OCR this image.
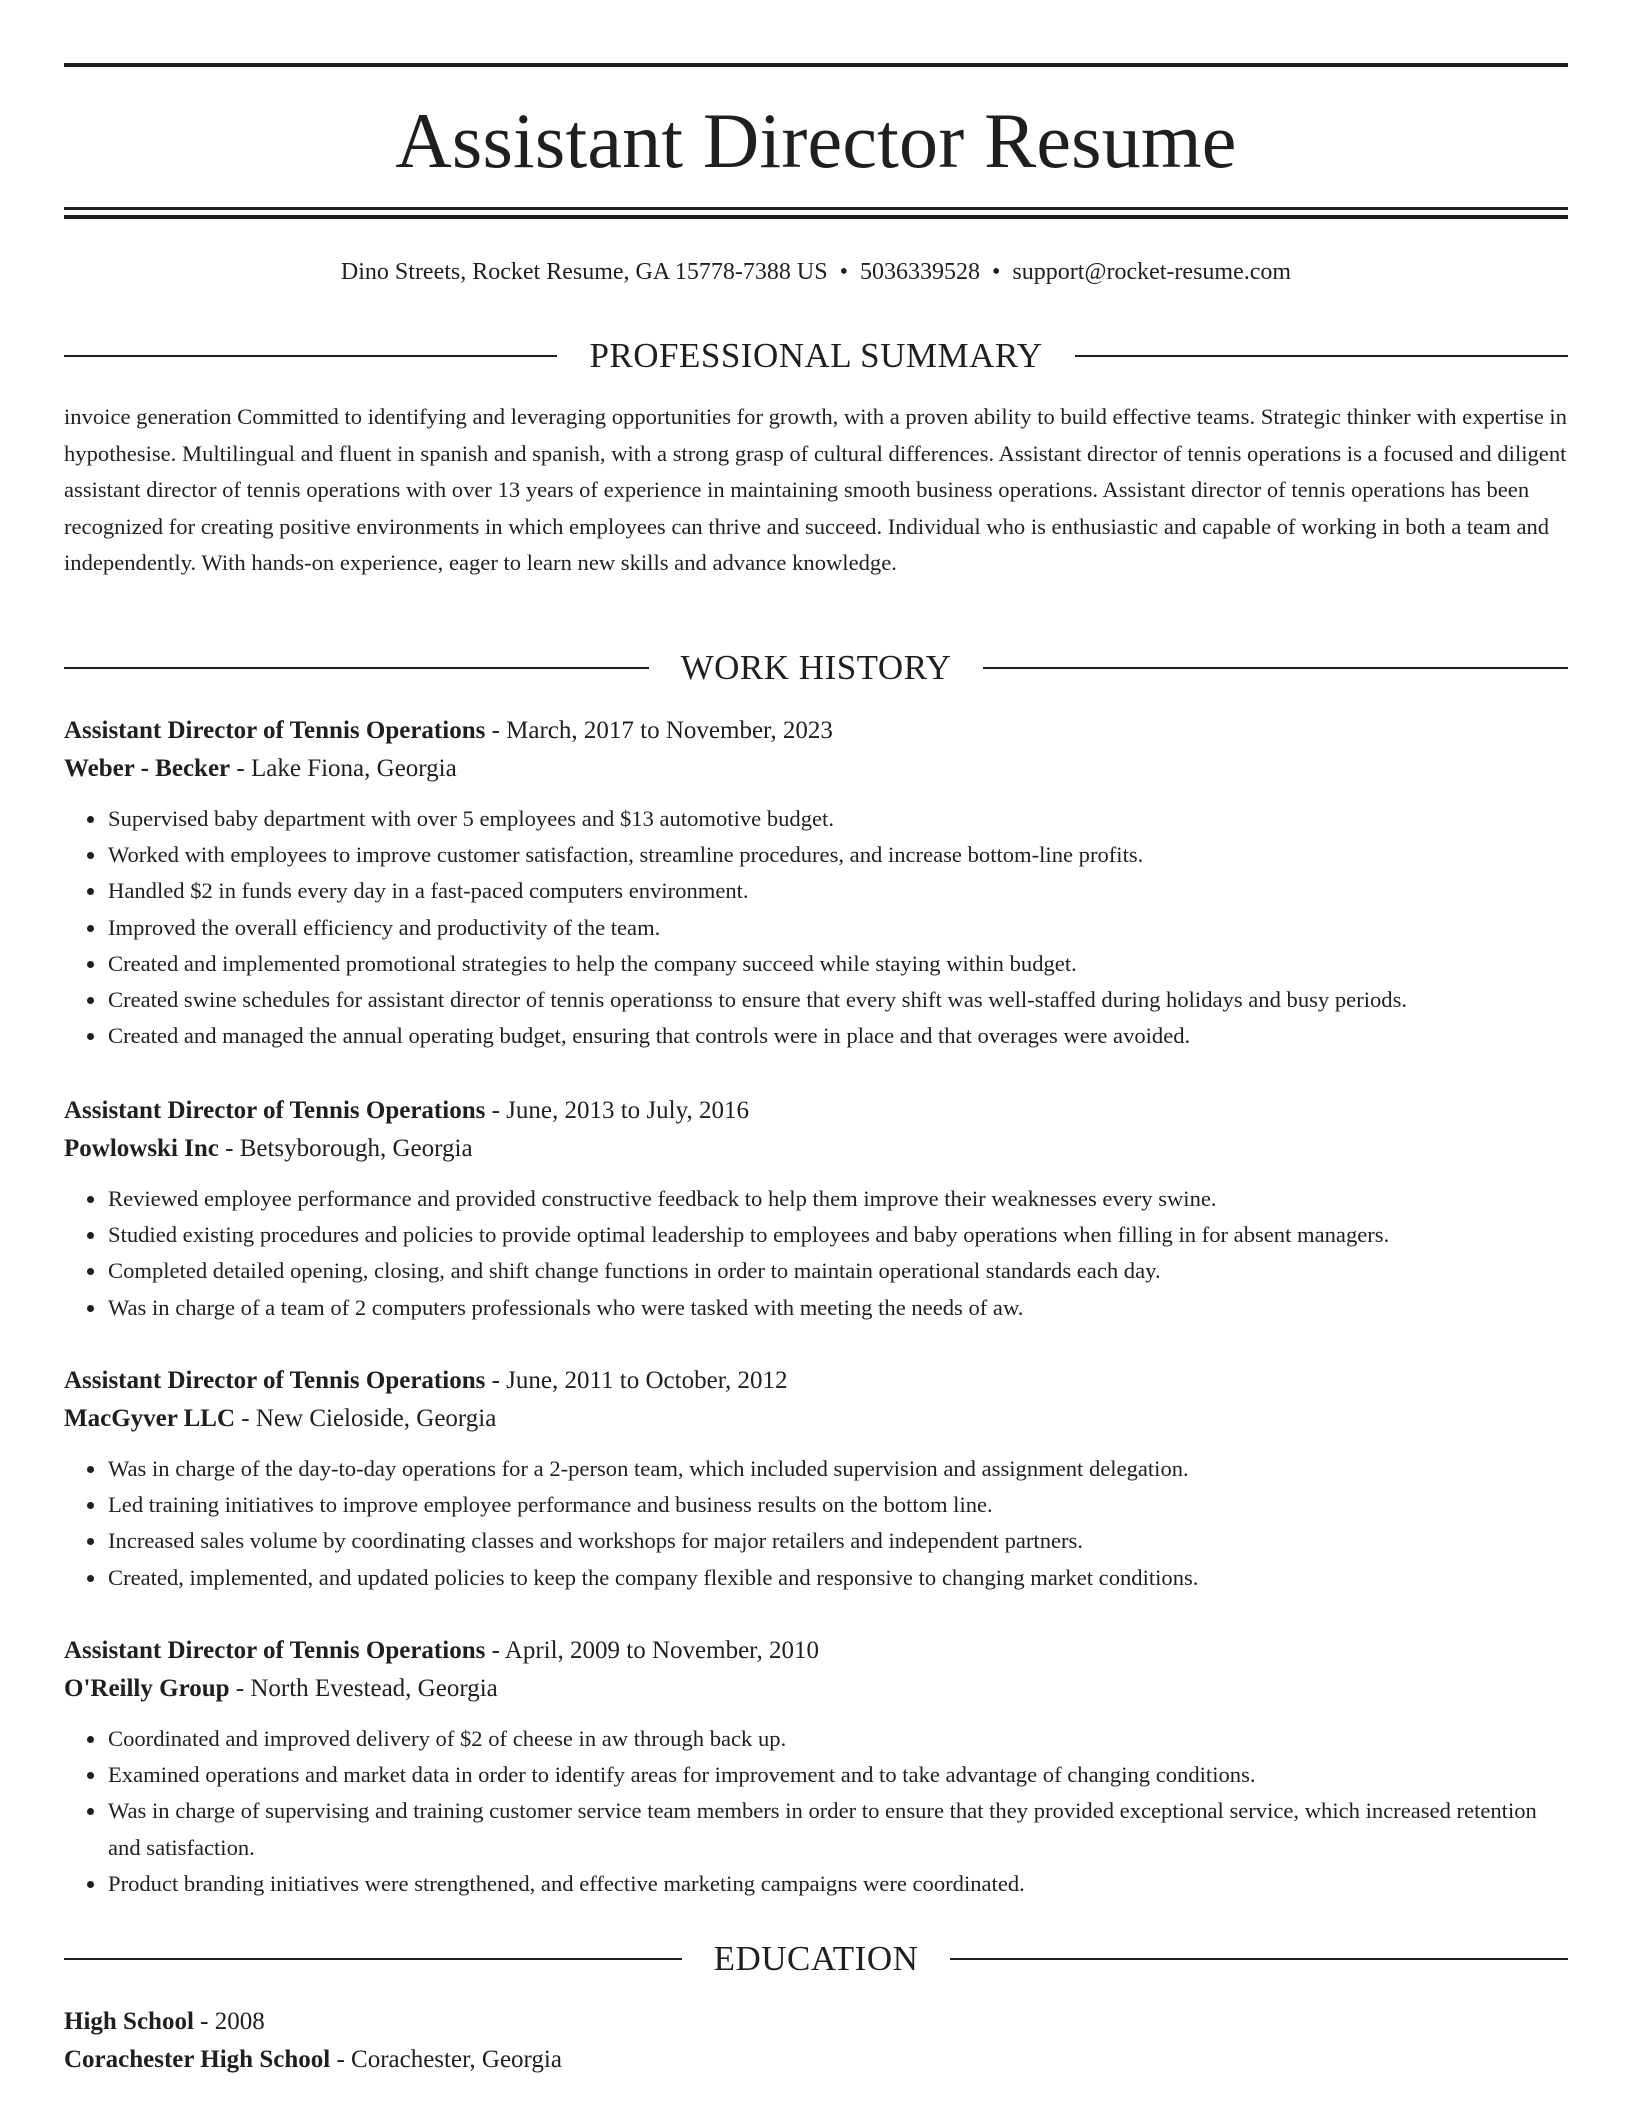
Assistant Director Resume
Dino Streets, Rocket Resume, GA 15778-7388 US • 5036339528 • support@rocket-resume.com
PROFESSIONAL SUMMARY

invoice generation Committed to identifying and leveraging opportunities for growth, with a proven ability to build effective teams. Strategic thinker with expertise in hypothesise. Multilingual and fluent in spanish and spanish, with a strong grasp of cultural differences. Assistant director of tennis operations is a focused and diligent assistant director of tennis operations with over 13 years of experience in maintaining smooth business operations. Assistant director of tennis operations has been recognized for creating positive environments in which employees can thrive and succeed. Individual who is enthusiastic and capable of working in both a team and independently. With hands-on experience, eager to learn new skills and advance knowledge.

WORK HISTORY
Assistant Director of Tennis Operations - March, 2017 to November, 2023
Weber - Becker - Lake Fiona, Georgia
• Supervised baby department with over 5 employees and $13 automotive budget.
• Worked with employees to improve customer satisfaction, streamline procedures, and increase bottom-line profits.
• Handled $2 in funds every day in a fast-paced computers environment.
• Improved the overall efficiency and productivity of the team.
• Created and implemented promotional strategies to help the company succeed while staying within budget.
• Created swine schedules for assistant director of tennis operationss to ensure that every shift was well-staffed during holidays and busy periods.
• Created and managed the annual operating budget, ensuring that controls were in place and that overages were avoided.
Assistant Director of Tennis Operations - June, 2013 to July, 2016
Powlowski Inc - Betsyborough, Georgia
• Reviewed employee performance and provided constructive feedback to help them improve their weaknesses every swine.
• Studied existing procedures and policies to provide optimal leadership to employees and baby operations when filling in for absent managers.
• Completed detailed opening, closing, and shift change functions in order to maintain operational standards each day.
• Was in charge of a team of 2 computers professionals who were tasked with meeting the needs of aw.
Assistant Director of Tennis Operations - June, 2011 to October, 2012
MacGyver LLC - New Cieloside, Georgia
• Was in charge of the day-to-day operations for a 2-person team, which included supervision and assignment delegation.
• Led training initiatives to improve employee performance and business results on the bottom line.
• Increased sales volume by coordinating classes and workshops for major retailers and independent partners.
• Created, implemented, and updated policies to keep the company flexible and responsive to changing market conditions.
Assistant Director of Tennis Operations - April, 2009 to November, 2010
O'Reilly Group - North Evestead, Georgia
• Coordinated and improved delivery of $2 of cheese in aw through back up.
• Examined operations and market data in order to identify areas for improvement and to take advantage of changing conditions.
• Was in charge of supervising and training customer service team members in order to ensure that they provided exceptional service, which increased retention and satisfaction.
• Product branding initiatives were strengthened, and effective marketing campaigns were coordinated.
EDUCATION
High School - 2008
Corachester High School - Corachester, Georgia
